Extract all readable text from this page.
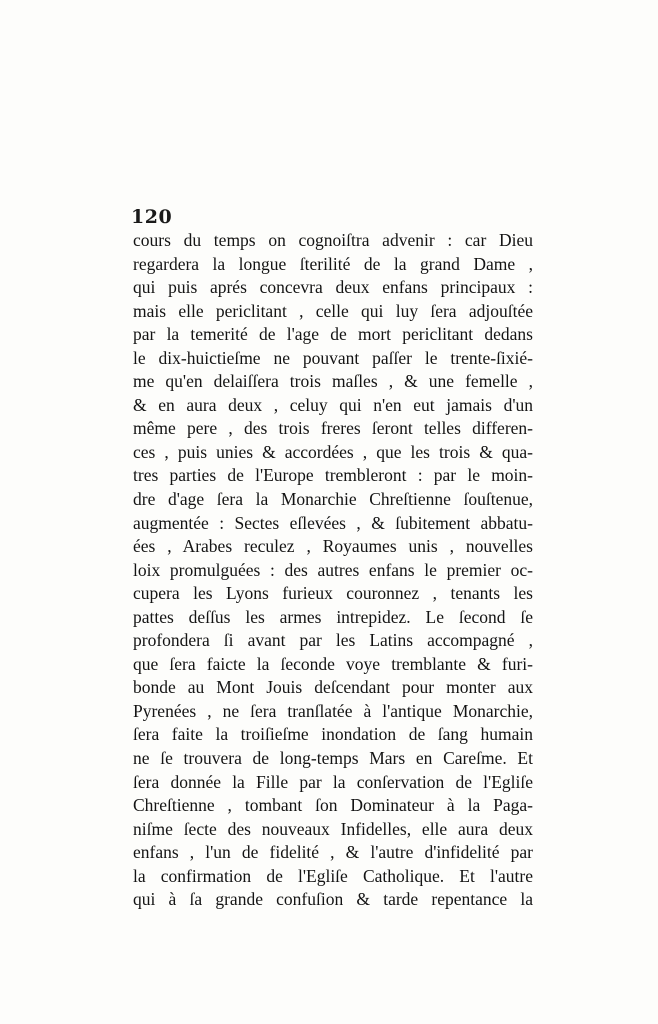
120
cours du temps on cognoiſtra advenir : car Dieu
regardera la longue ſterilité de la grand Dame ,
qui puis aprés concevra deux enfans principaux :
mais elle periclitant , celle qui luy ſera adjouſtée
par la temerité de l'age de mort periclitant dedans
le dix-huictieſme ne pouvant paſſer le trente-ſixié-
me qu'en delaiſſera trois maſles , & une femelle ,
& en aura deux , celuy qui n'en eut jamais d'un
même pere , des trois freres ſeront telles differen-
ces , puis unies & accordées , que les trois & qua-
tres parties de l'Europe trembleront : par le moin-
dre d'age ſera la Monarchie Chreſtienne ſouſtenue,
augmentée : Sectes eſlevées , & ſubitement abbatu-
ées , Arabes reculez , Royaumes unis , nouvelles
loix promulguées : des autres enfans le premier oc-
cupera les Lyons furieux couronnez , tenants les
pattes deſſus les armes intrepidez. Le ſecond ſe
profondera ſi avant par les Latins accompagné ,
que ſera faicte la ſeconde voye tremblante & furi-
bonde au Mont Jouis deſcendant pour monter aux
Pyrenées , ne ſera tranſlatée à l'antique Monarchie,
ſera faite la troiſieſme inondation de ſang humain
ne ſe trouvera de long-temps Mars en Careſme. Et
ſera donnée la Fille par la conſervation de l'Egliſe
Chreſtienne , tombant ſon Dominateur à la Paga-
niſme ſecte des nouveaux Infidelles, elle aura deux
enfans , l'un de fidelité , & l'autre d'infidelité par
la confirmation de l'Egliſe Catholique. Et l'autre
qui à ſa grande confuſion & tarde repentance la
